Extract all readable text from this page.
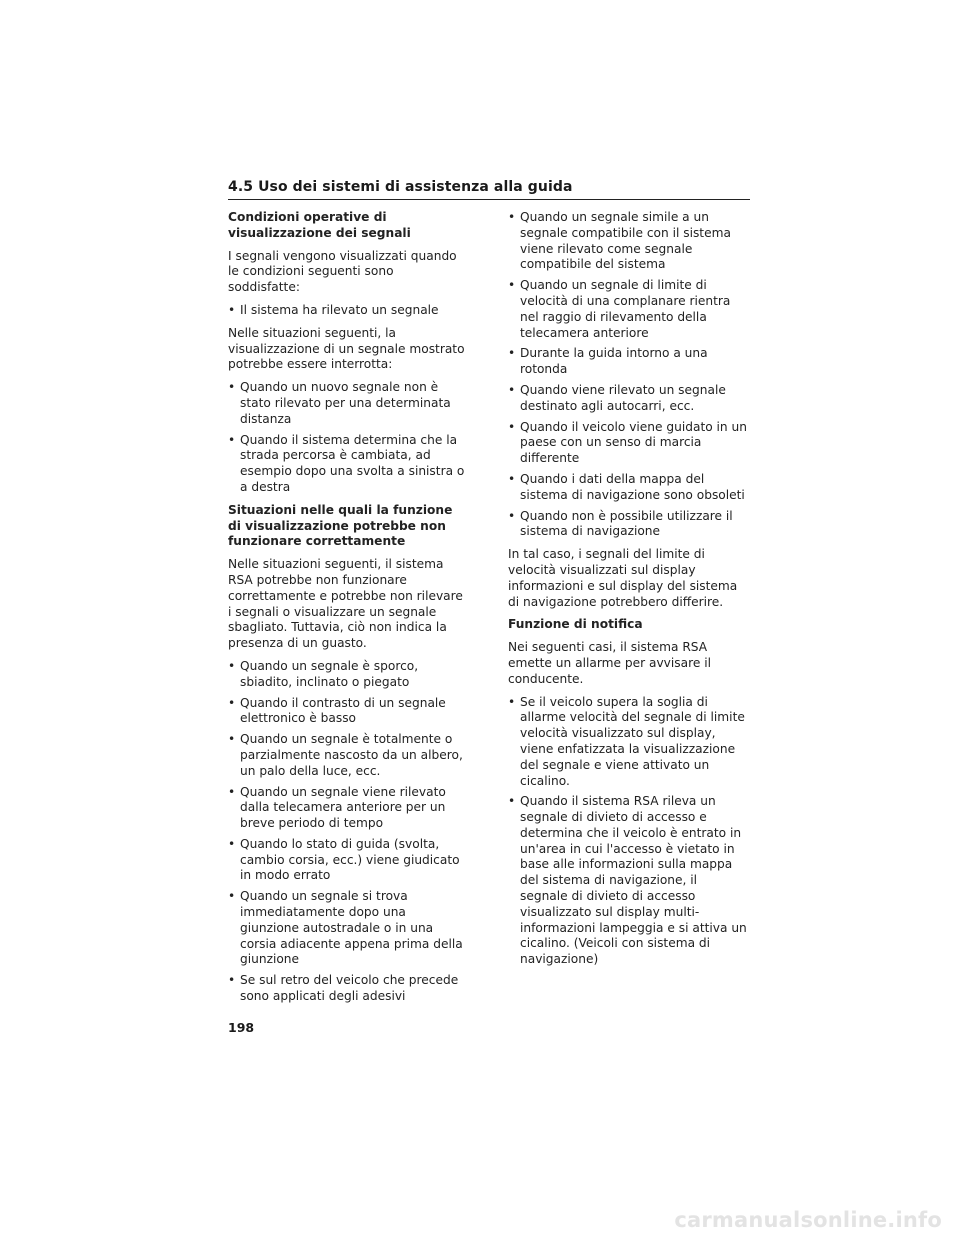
4.5 Uso dei sistemi di assistenza alla guida
Condizioni operative di visualizzazione dei segnali

I segnali vengono visualizzati quando le condizioni seguenti sono soddisfatte:

• Il sistema ha rilevato un segnale

Nelle situazioni seguenti, la visualizzazione di un segnale mostrato potrebbe essere interrotta:

• Quando un nuovo segnale non è stato rilevato per una determinata distanza
• Quando il sistema determina che la strada percorsa è cambiata, ad esempio dopo una svolta a sinistra o a destra
Situazioni nelle quali la funzione di visualizzazione potrebbe non funzionare correttamente

Nelle situazioni seguenti, il sistema RSA potrebbe non funzionare correttamente e potrebbe non rilevare i segnali o visualizzare un segnale sbagliato. Tuttavia, ciò non indica la presenza di un guasto.

• Quando un segnale è sporco, sbiadito, inclinato o piegato
• Quando il contrasto di un segnale elettronico è basso
• Quando un segnale è totalmente o parzialmente nascosto da un albero, un palo della luce, ecc.
• Quando un segnale viene rilevato dalla telecamera anteriore per un breve periodo di tempo
• Quando lo stato di guida (svolta, cambio corsia, ecc.) viene giudicato in modo errato
• Quando un segnale si trova immediatamente dopo una giunzione autostradale o in una corsia adiacente appena prima della giunzione
• Se sul retro del veicolo che precede sono applicati degli adesivi
• Quando un segnale simile a un segnale compatibile con il sistema viene rilevato come segnale compatibile del sistema
• Quando un segnale di limite di velocità di una complanare rientra nel raggio di rilevamento della telecamera anteriore
• Durante la guida intorno a una rotonda
• Quando viene rilevato un segnale destinato agli autocarri, ecc.
• Quando il veicolo viene guidato in un paese con un senso di marcia differente
• Quando i dati della mappa del sistema di navigazione sono obsoleti
• Quando non è possibile utilizzare il sistema di navigazione

In tal caso, i segnali del limite di velocità visualizzati sul display informazioni e sul display del sistema di navigazione potrebbero differire.

Funzione di notifica

Nei seguenti casi, il sistema RSA emette un allarme per avvisare il conducente.

• Se il veicolo supera la soglia di allarme velocità del segnale di limite velocità visualizzato sul display, viene enfatizzata la visualizzazione del segnale e viene attivato un cicalino.
• Quando il sistema RSA rileva un segnale di divieto di accesso e determina che il veicolo è entrato in un'area in cui l'accesso è vietato in base alle informazioni sulla mappa del sistema di navigazione, il segnale di divieto di accesso visualizzato sul display multi-informazioni lampeggia e si attiva un cicalino. (Veicoli con sistema di navigazione)
198
carmanualsonline.info
